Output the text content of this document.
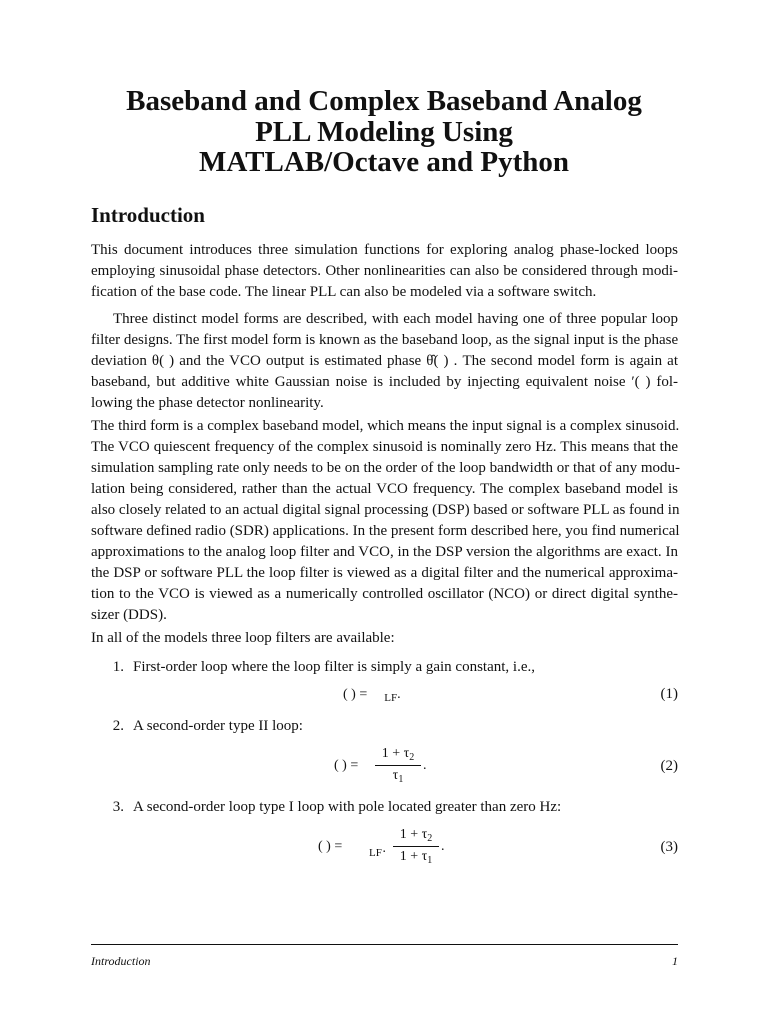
Baseband and Complex Baseband Analog
PLL Modeling Using
MATLAB/Octave and Python
Introduction
This document introduces three simulation functions for exploring analog phase-locked loops
employing sinusoidal phase detectors. Other nonlinearities can also be considered through modi-
fication of the base code. The linear PLL can also be modeled via a software switch.
Three distinct model forms are described, with each model having one of three popular loop
filter designs. The first model form is known as the baseband loop, as the signal input is the phase
deviation θ( ) and the VCO output is estimated phase θ̂( ) . The second model form is again at
baseband, but additive white Gaussian noise is included by injecting equivalent noise ′( ) fol-
lowing the phase detector nonlinearity.
The third form is a complex baseband model, which means the input signal is a complex sinusoid.
The VCO quiescent frequency of the complex sinusoid is nominally zero Hz. This means that the
simulation sampling rate only needs to be on the order of the loop bandwidth or that of any modu-
lation being considered, rather than the actual VCO frequency. The complex baseband model is
also closely related to an actual digital signal processing (DSP) based or software PLL as found in
software defined radio (SDR) applications. In the present form described here, you find numerical
approximations to the analog loop filter and VCO, in the DSP version the algorithms are exact. In
the DSP or software PLL the loop filter is viewed as a digital filter and the numerical approxima-
tion to the VCO is viewed as a numerically controlled oscillator (NCO) or direct digital synthe-
sizer (DDS).
In all of the models three loop filters are available:
1. First-order loop where the loop filter is simply a gain constant, i.e.,
( ) = $_{LF}$.	(1)
2. A second-order type II loop:
( ) =
$1 + \tau_2$
$\tau_1$
.	(2)
3. A second-order loop type I loop with pole located greater than zero Hz:
( ) = LF·
$1 + \tau_2$
$1 + \tau_1$
.	(3)
Introduction	1
